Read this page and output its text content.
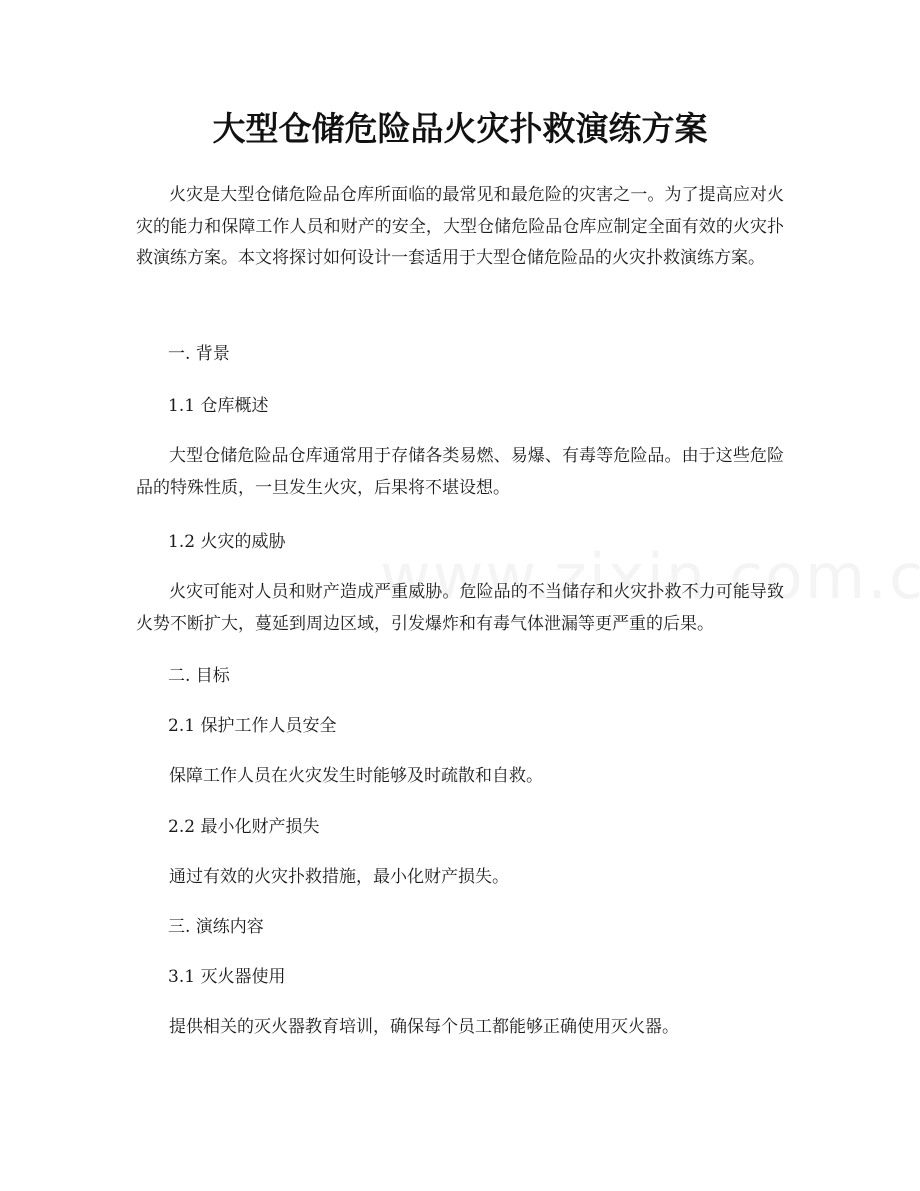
大型仓储危险品火灾扑救演练方案

火灾是大型仓储危险品仓库所面临的最常见和最危险的灾害之一。为了提高应对火灾的能力和保障工作人员和财产的安全，大型仓储危险品仓库应制定全面有效的火灾扑救演练方案。本文将探讨如何设计一套适用于大型仓储危险品的火灾扑救演练方案。

一. 背景

1.1 仓库概述

大型仓储危险品仓库通常用于存储各类易燃、易爆、有毒等危险品。由于这些危险品的特殊性质，一旦发生火灾，后果将不堪设想。

1.2 火灾的威胁

火灾可能对人员和财产造成严重威胁。危险品的不当储存和火灾扑救不力可能导致火势不断扩大，蔓延到周边区域，引发爆炸和有毒气体泄漏等更严重的后果。

二. 目标

2.1 保护工作人员安全

保障工作人员在火灾发生时能够及时疏散和自救。

2.2 最小化财产损失

通过有效的火灾扑救措施，最小化财产损失。

三. 演练内容

3.1 灭火器使用

提供相关的灭火器教育培训，确保每个员工都能够正确使用灭火器。
